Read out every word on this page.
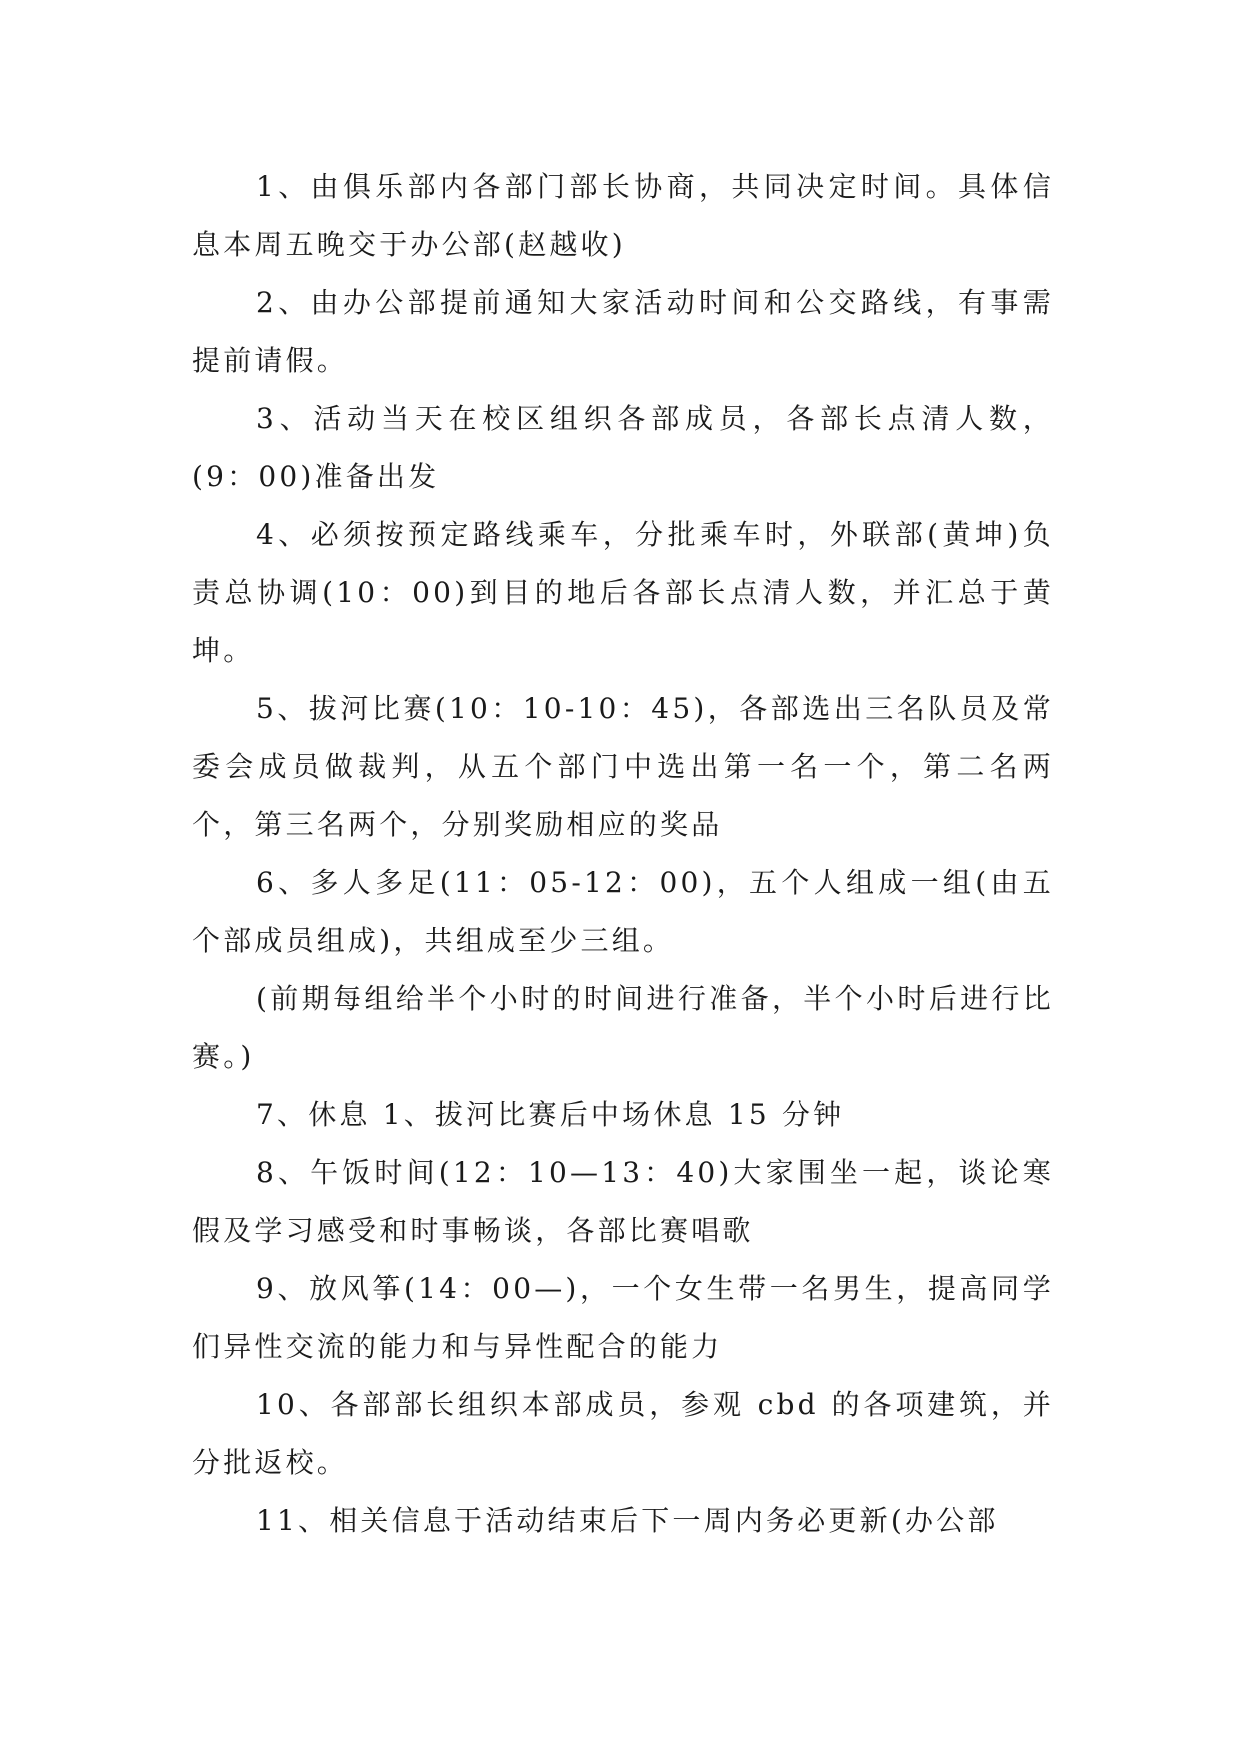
1、由俱乐部内各部门部长协商，共同决定时间。具体信息本周五晚交于办公部(赵越收)

2、由办公部提前通知大家活动时间和公交路线，有事需提前请假。

3、活动当天在校区组织各部成员，各部长点清人数，(9：00)准备出发

4、必须按预定路线乘车，分批乘车时，外联部(黄坤)负责总协调(10：00)到目的地后各部长点清人数，并汇总于黄坤。

5、拔河比赛(10：10-10：45)，各部选出三名队员及常委会成员做裁判，从五个部门中选出第一名一个，第二名两个，第三名两个，分别奖励相应的奖品

6、多人多足(11：05-12：00)，五个人组成一组(由五个部成员组成)，共组成至少三组。

(前期每组给半个小时的时间进行准备，半个小时后进行比赛。)

7、休息 1、拔河比赛后中场休息 15 分钟

8、午饭时间(12：10—13：40)大家围坐一起，谈论寒假及学习感受和时事畅谈，各部比赛唱歌

9、放风筝(14：00—)，一个女生带一名男生，提高同学们异性交流的能力和与异性配合的能力

10、各部部长组织本部成员，参观 cbd 的各项建筑，并分批返校。

11、相关信息于活动结束后下一周内务必更新(办公部
